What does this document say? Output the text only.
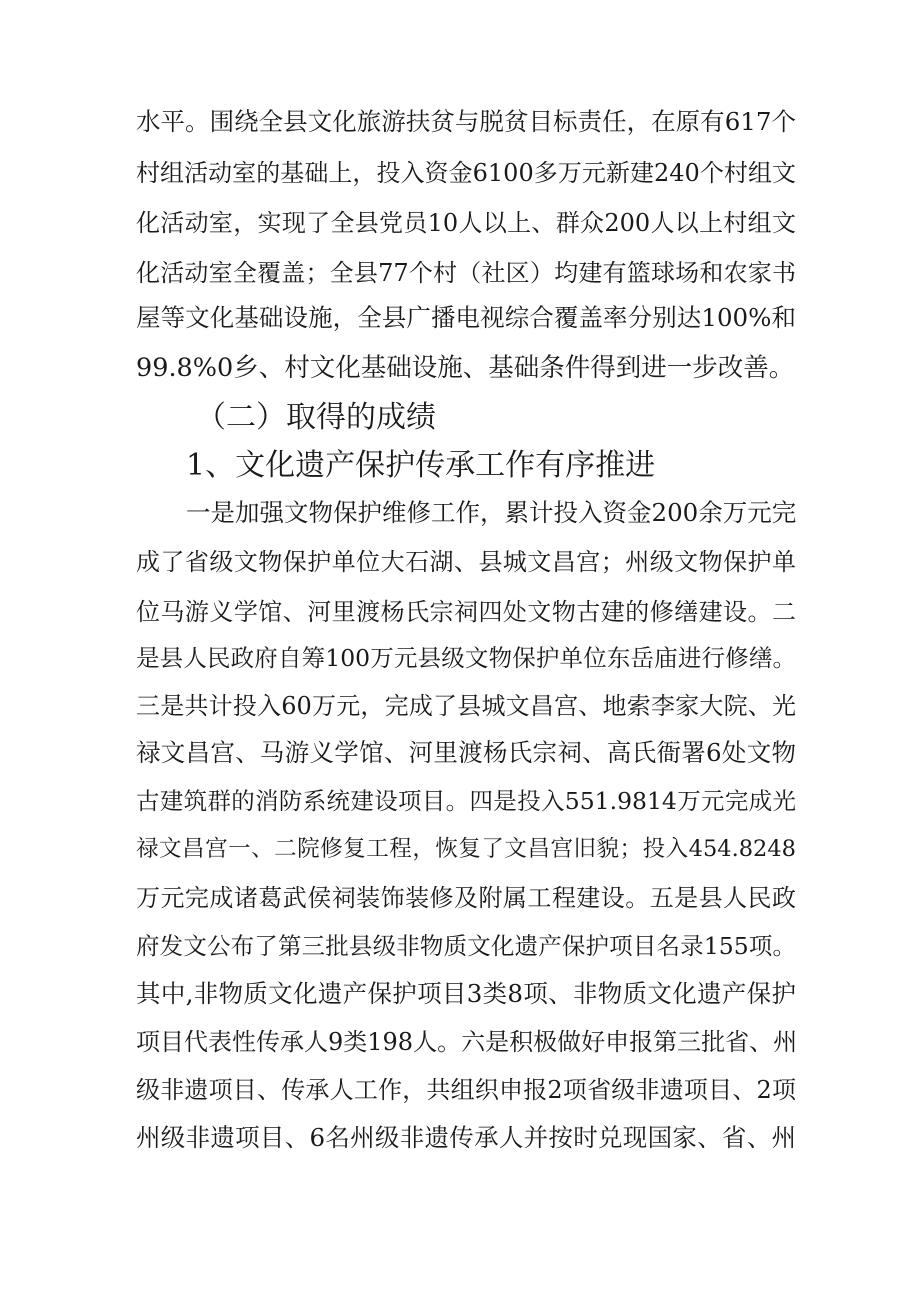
水平。围绕全县文化旅游扶贫与脱贫目标责任，在原有617个
村组活动室的基础上，投入资金6100多万元新建240个村组文
化活动室，实现了全县党员10人以上、群众200人以上村组文
化活动室全覆盖；全县77个村（社区）均建有篮球场和农家书
屋等文化基础设施，全县广播电视综合覆盖率分别达100%和
99.8%0乡、村文化基础设施、基础条件得到进一步改善。
（二）取得的成绩
1、文化遗产保护传承工作有序推进
一是加强文物保护维修工作，累计投入资金200余万元完
成了省级文物保护单位大石湖、县城文昌宫；州级文物保护单
位马游义学馆、河里渡杨氏宗祠四处文物古建的修缮建设。二
是县人民政府自筹100万元县级文物保护单位东岳庙进行修缮。
三是共计投入60万元，完成了县城文昌宫、地索李家大院、光
禄文昌宫、马游义学馆、河里渡杨氏宗祠、高氏衙署6处文物
古建筑群的消防系统建设项目。四是投入551.9814万元完成光
禄文昌宫一、二院修复工程，恢复了文昌宫旧貌；投入454.8248
万元完成诸葛武侯祠装饰装修及附属工程建设。五是县人民政
府发文公布了第三批县级非物质文化遗产保护项目名录155项。
其中,非物质文化遗产保护项目3类8项、非物质文化遗产保护
项目代表性传承人9类198人。六是积极做好申报第三批省、州
级非遗项目、传承人工作，共组织申报2项省级非遗项目、2项
州级非遗项目、6名州级非遗传承人并按时兑现国家、省、州
